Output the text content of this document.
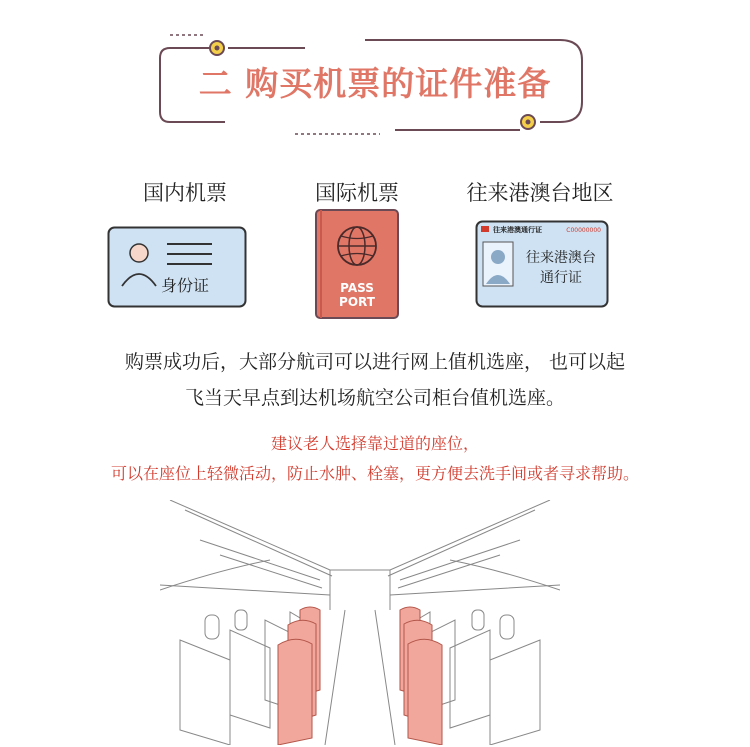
二 购买机票的证件准备
国内机票	国际机票	往来港澳台地区
身份证	PASS
PORT
往来港澳通行证	C00000000
往来港澳台
通行证
购票成功后，大部分航司可以进行网上值机选座， 也可以起
飞当天早点到达机场航空公司柜台值机选座。
建议老人选择靠过道的座位，
可以在座位上轻微活动，防止水肿、栓塞，更方便去洗手间或者寻求帮助。
